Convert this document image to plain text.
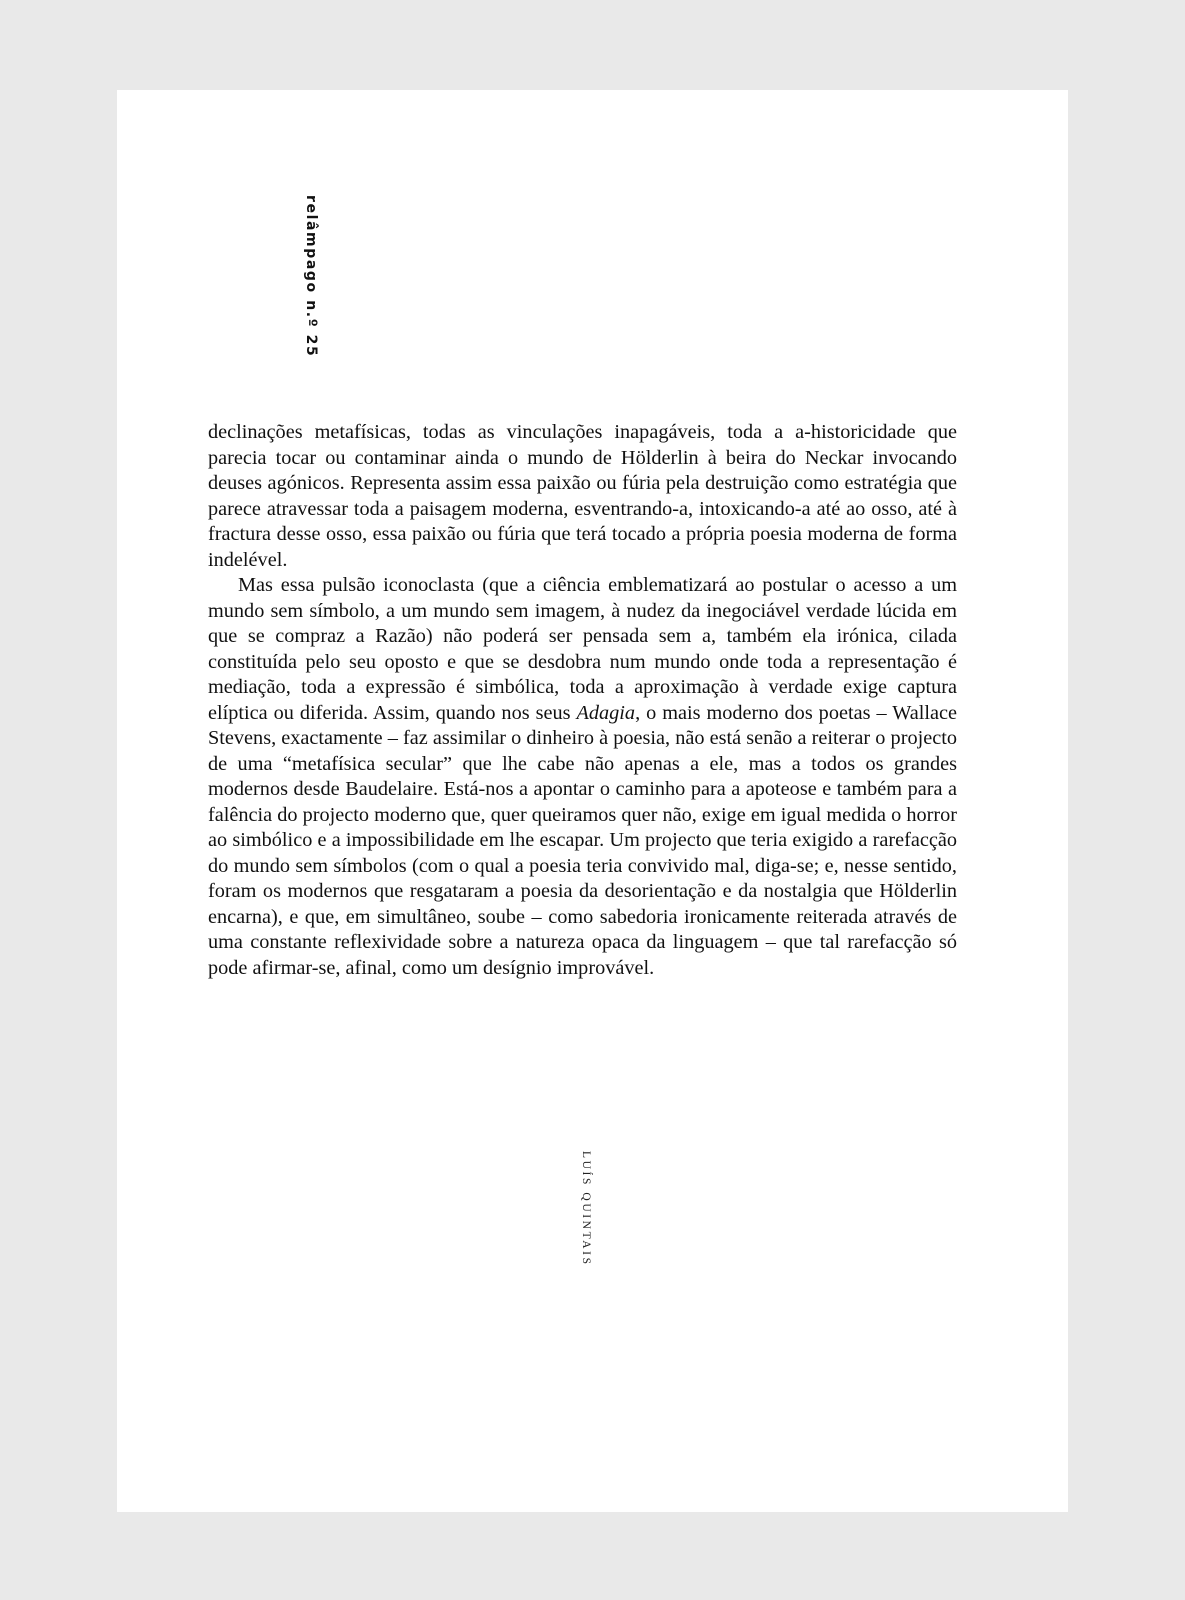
relâmpago n.º 25

declinações metafísicas, todas as vinculações inapagáveis, toda a a-historicidade que parecia tocar ou contaminar ainda o mundo de Hölderlin à beira do Neckar invocando deuses agónicos. Representa assim essa paixão ou fúria pela destruição como estratégia que parece atravessar toda a paisagem moderna, esventrando-a, intoxicando-a até ao osso, até à fractura desse osso, essa paixão ou fúria que terá tocado a própria poesia moderna de forma indelével.

Mas essa pulsão iconoclasta (que a ciência emblematizará ao postular o acesso a um mundo sem símbolo, a um mundo sem imagem, à nudez da inegociável verdade lúcida em que se compraz a Razão) não poderá ser pensada sem a, também ela irónica, cilada constituída pelo seu oposto e que se desdobra num mundo onde toda a representação é mediação, toda a expressão é simbólica, toda a aproximação à verdade exige captura elíptica ou diferida. Assim, quando nos seus Adagia, o mais moderno dos poetas – Wallace Stevens, exactamente – faz assimilar o dinheiro à poesia, não está senão a reiterar o projecto de uma “metafísica secular” que lhe cabe não apenas a ele, mas a todos os grandes modernos desde Baudelaire. Está-nos a apontar o caminho para a apoteose e também para a falência do projecto moderno que, quer queiramos quer não, exige em igual medida o horror ao simbólico e a impossibilidade em lhe escapar. Um projecto que teria exigido a rarefacção do mundo sem símbolos (com o qual a poesia teria convivido mal, diga-se; e, nesse sentido, foram os modernos que resgataram a poesia da desorientação e da nostalgia que Hölderlin encarna), e que, em simultâneo, soube – como sabedoria ironicamente reiterada através de uma constante reflexividade sobre a natureza opaca da linguagem – que tal rarefacção só pode afirmar-se, afinal, como um desígnio improvável.

LUÍS QUINTAIS
